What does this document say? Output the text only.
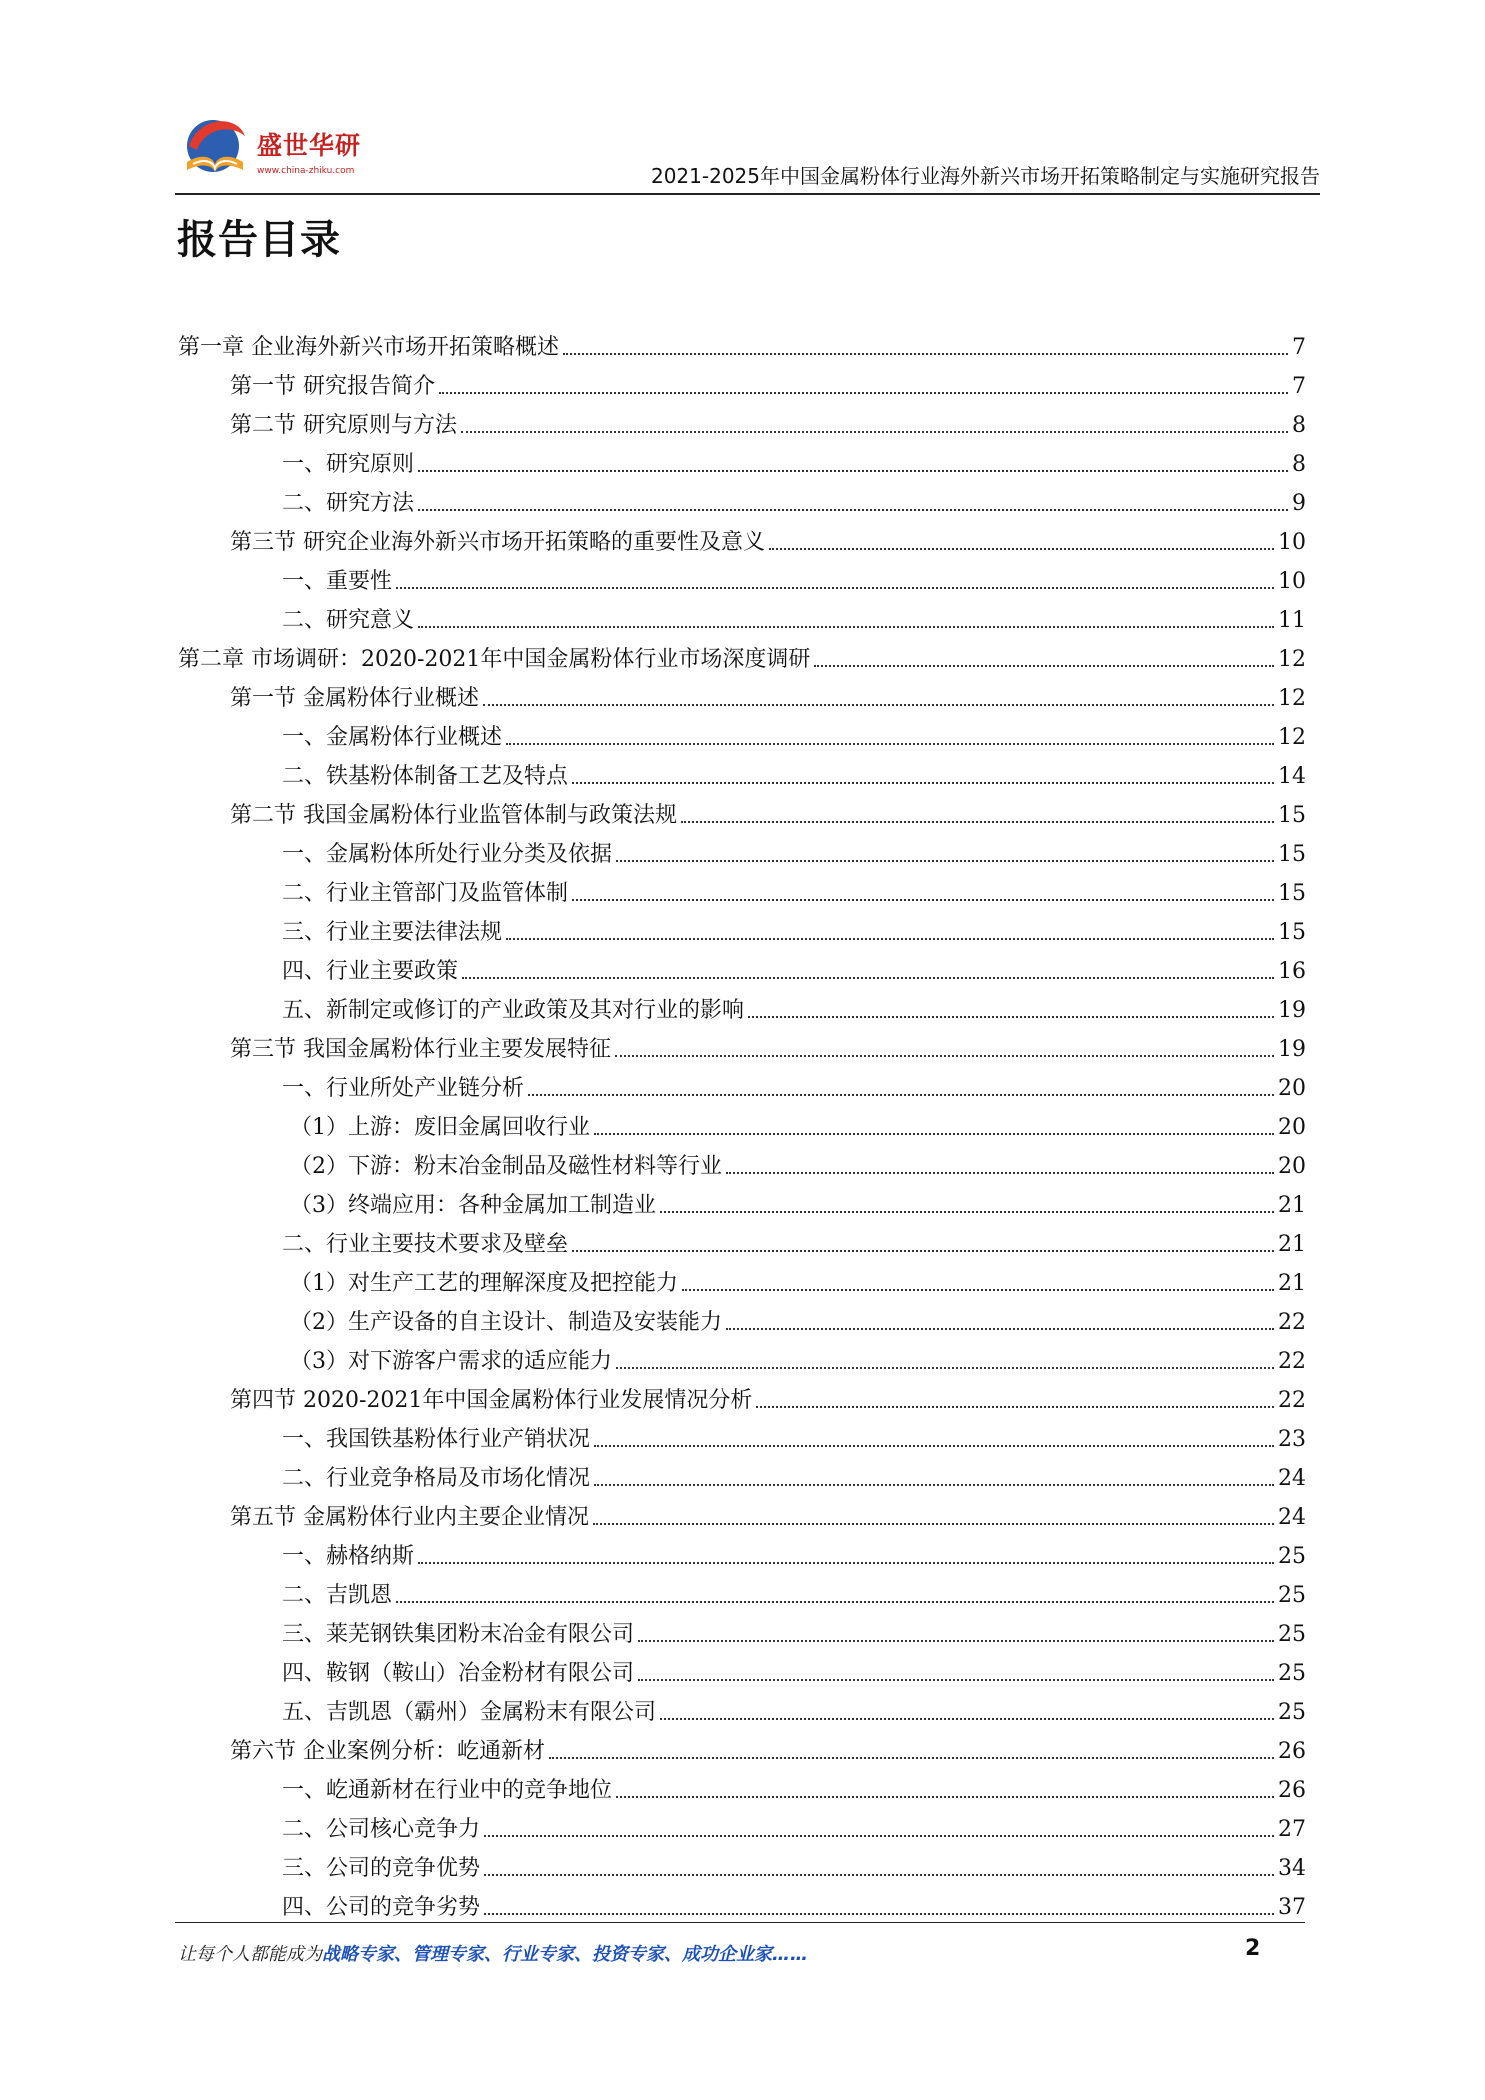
盛世华研
www.china-zhiku.com	2021-2025年中国金属粉体行业海外新兴市场开拓策略制定与实施研究报告
报告目录
第一章 企业海外新兴市场开拓策略概述	7
第一节 研究报告简介	7
第二节 研究原则与方法	8
一、研究原则	8
二、研究方法	9
第三节 研究企业海外新兴市场开拓策略的重要性及意义	10
一、重要性	10
二、研究意义	11
第二章 市场调研：2020-2021年中国金属粉体行业市场深度调研	12
第一节 金属粉体行业概述	12
一、金属粉体行业概述	12
二、铁基粉体制备工艺及特点	14
第二节 我国金属粉体行业监管体制与政策法规	15
一、金属粉体所处行业分类及依据	15
二、行业主管部门及监管体制	15
三、行业主要法律法规	15
四、行业主要政策	16
五、新制定或修订的产业政策及其对行业的影响	19
第三节 我国金属粉体行业主要发展特征	19
一、行业所处产业链分析	20
（1）上游：废旧金属回收行业	20
（2）下游：粉末冶金制品及磁性材料等行业	20
（3）终端应用：各种金属加工制造业	21
二、行业主要技术要求及壁垒	21
（1）对生产工艺的理解深度及把控能力	21
（2）生产设备的自主设计、制造及安装能力	22
（3）对下游客户需求的适应能力	22
第四节 2020-2021年中国金属粉体行业发展情况分析	22
一、我国铁基粉体行业产销状况	23
二、行业竞争格局及市场化情况	24
第五节 金属粉体行业内主要企业情况	24
一、赫格纳斯	25
二、吉凯恩	25
三、莱芜钢铁集团粉末冶金有限公司	25
四、鞍钢（鞍山）冶金粉材有限公司	25
五、吉凯恩（霸州）金属粉末有限公司	25
第六节 企业案例分析：屹通新材	26
一、屹通新材在行业中的竞争地位	26
二、公司核心竞争力	27
三、公司的竞争优势	34
四、公司的竞争劣势	37
让每个人都能成为战略专家、管理专家、行业专家、投资专家、成功企业家……	2
